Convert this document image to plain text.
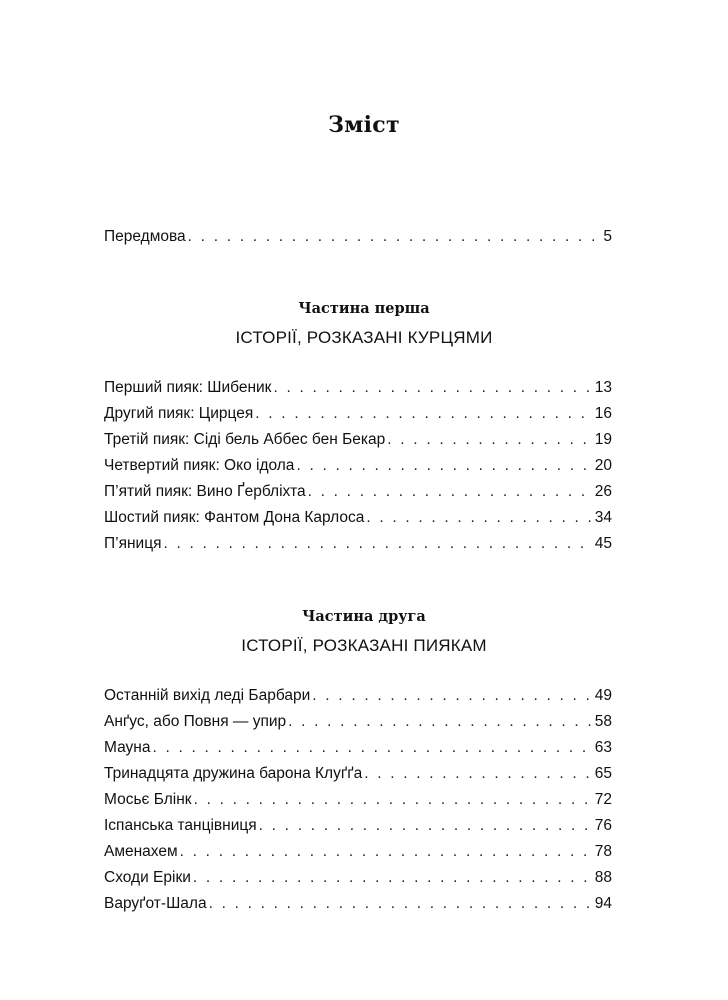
Зміст
Передмова . . .	5
Частина перша
ІСТОРІЇ, РОЗКАЗАНІ КУРЦЯМИ
Перший пияк: Шибеник . . .	13
Другий пияк: Цирцея . . .	16
Третій пияк: Сіді бель Аббес бен Бекар . . .	19
Четвертий пияк: Око ідола . . .	20
П’ятий пияк: Вино Ґербліхта . . .	26
Шостий пияк: Фантом Дона Карлоса . . .	34
П’яниця . . .	45
Частина друга
ІСТОРІЇ, РОЗКАЗАНІ ПИЯКАМ
Останній вихід леді Барбари . . .	49
Анґус, або Повня — упир . . .	58
Мауна . . .	63
Тринадцята дружина барона Клуґґа . . .	65
Мосьє Блінк . . .	72
Іспанська танцівниця . . .	76
Аменахем . . .	78
Сходи Еріки . . .	88
Варуґот-Шала . . .	94
